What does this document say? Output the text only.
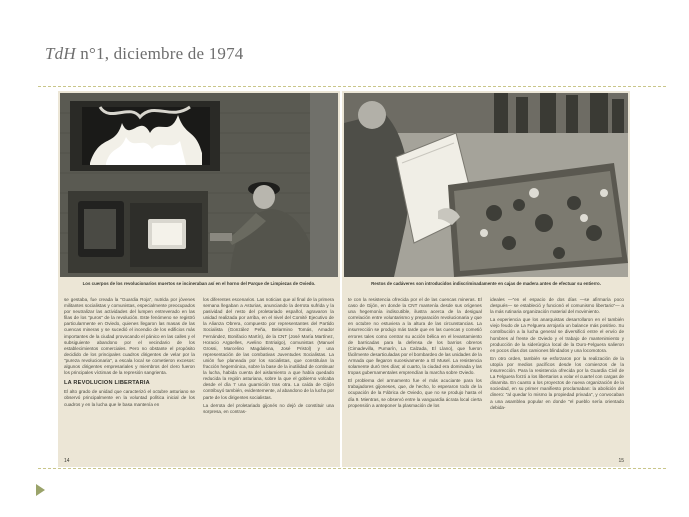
TdH n°1, diciembre de 1974
Los cuerpos de los revolucionarios muertos se incineraban así en el horno del Parque de Limpiezas de Oviedo.

se gestaba, fue creada la "Guardia Roja", nutrida por jóvenes militantes socialistas y comunistas, especialmente preocupados por neutralizar las actividades del lumpen entreverado en las filas de los "puros" de la revolución. Este fenómeno se registró particularmente en Oviedo, quienes llegaron las masas de las cuencas mineras y se sucedió el incendio de los edificios más importantes de la ciudad provocando el pánico en las calles y el subsiguiente abandono por el vecindario de los establecimientos comerciales. Pero no obstante el propósito decidido de los principales cuadros dirigentes de velar por la "pureza revolucionaria", a escala local se cometieron excesos: algunos dirigentes empresariales y miembros del clero fueron los principales víctimas de la represión sangrienta.

LA REVOLUCION LIBERTARIA

El alto grado de unidad que caracterizó el octubre asturiano se observó principalmente en la voluntad política inicial de los cuadros y en la lucha que le basa mantenía en

los diferentes escenarios. Las noticias que al final de la primera semana llegaban a Asturias, anunciando la derrota sufrida y la pasividad del resto del proletariado español, agravaron la unidad realizada por arriba, en el nivel del Comité Ejecutivo de la Alianza Obrera, compuesto por representantes del Partido Socialista (González Peña, Belarmino Tomás, Amador Fernández, Bonifacio Martín), de la CNT (José María Martínez, Horacio Argüelles, Avelino Entrialgo), comunistas (Manuel Grossi, Marcelino Magdalena, José Pristol) y una representación de las combativas Juventudes Socialistas. La unión fue planeada por los socialistas, que constituían la fracción hegemónica, sobre la base de la inutilidad de continuar la lucha, habida cuenta del aislamiento a que había quedado reducida la región asturiana, sobre la que el gobierno volcaba desde el día 7 una guarnición tras otra. La caída de Gijón contribuyó también, evidentemente, al abandono de la lucha por parte de los dirigentes socialistas.

La derrota del proletariado gijonés no dejó de constituir una sorpresa, en contras-

14
Restos de cadáveres son introducidos indiscriminadamente en cajas de madera antes de efectuar su entierro.

te con la resistencia ofrecida por el de las cuencas mineras. El caso de Gijón, en donde la CNT mantenía desde sus orígenes una hegemonía indiscutible, ilustra acerca de la desigual correlación entre voluntarismo y preparación revolucionaria y que en octubre no estuviera a la altura de las circunstancias. La insurrección se produjo más tarde que en las cuencas y cometió errores tales como centrar su acción bélica en el levantamiento de barricadas para la defensa de los barrios obreros (Cimadevilla, Pumarín, La Calzada, El Llano), que fueron fácilmente desarticuladas por el bombardeo de las unidades de la Armada que llegaron sucesivamente a El Musel. La resistencia solamente duró tres días; al cuarto, la ciudad era dominada y las tropas gubernamentales emprendían la marcha sobre Oviedo.

El problema del armamento fue el más acuciante para los trabajadores gijoneses, que, de hecho, lo esperaron todo de la ocupación de la Fábrica de Oviedo, que no se produjo hasta el día 9. Mientras, se observó entre la vanguardia ácrata local cierta propensión a anteponer la plasmación de los

ideales —"en el espacio de dos días —se afirmaría poco después— se estableció y funcionó el comunismo libertario"— a la más rutinaria organización material del movimiento.

La experiencia que los anarquistas desarrollaron en el también viejo feudo de La Felguera arrojaría un balance más positivo. Su contribución a la lucha general se diversificó entre el envío de hombres al frente de Oviedo y el trabajo de mantenimiento y producción de la siderúrgica local de la Duro-Felguera salieron en pocos días dos camiones blindados y una locomotora.

En otro orden, también se esforzaron por la realización de la utopía por medios pacíficos desde los comienzos de la insurrección. Para la resistencia ofrecida por la Guardia Civil de La Felguera forzó a los libertarios a volar el cuartel con cargas de dinamita. En cuanto a los proyectos de nueva organización de la sociedad, en su primer manifiesto proclamaban: la abolición del dinero: "al quedar lo mismo la propiedad privada", y convocaban a una asamblea popular en donde "el pueblo sería orientado debida-

15
